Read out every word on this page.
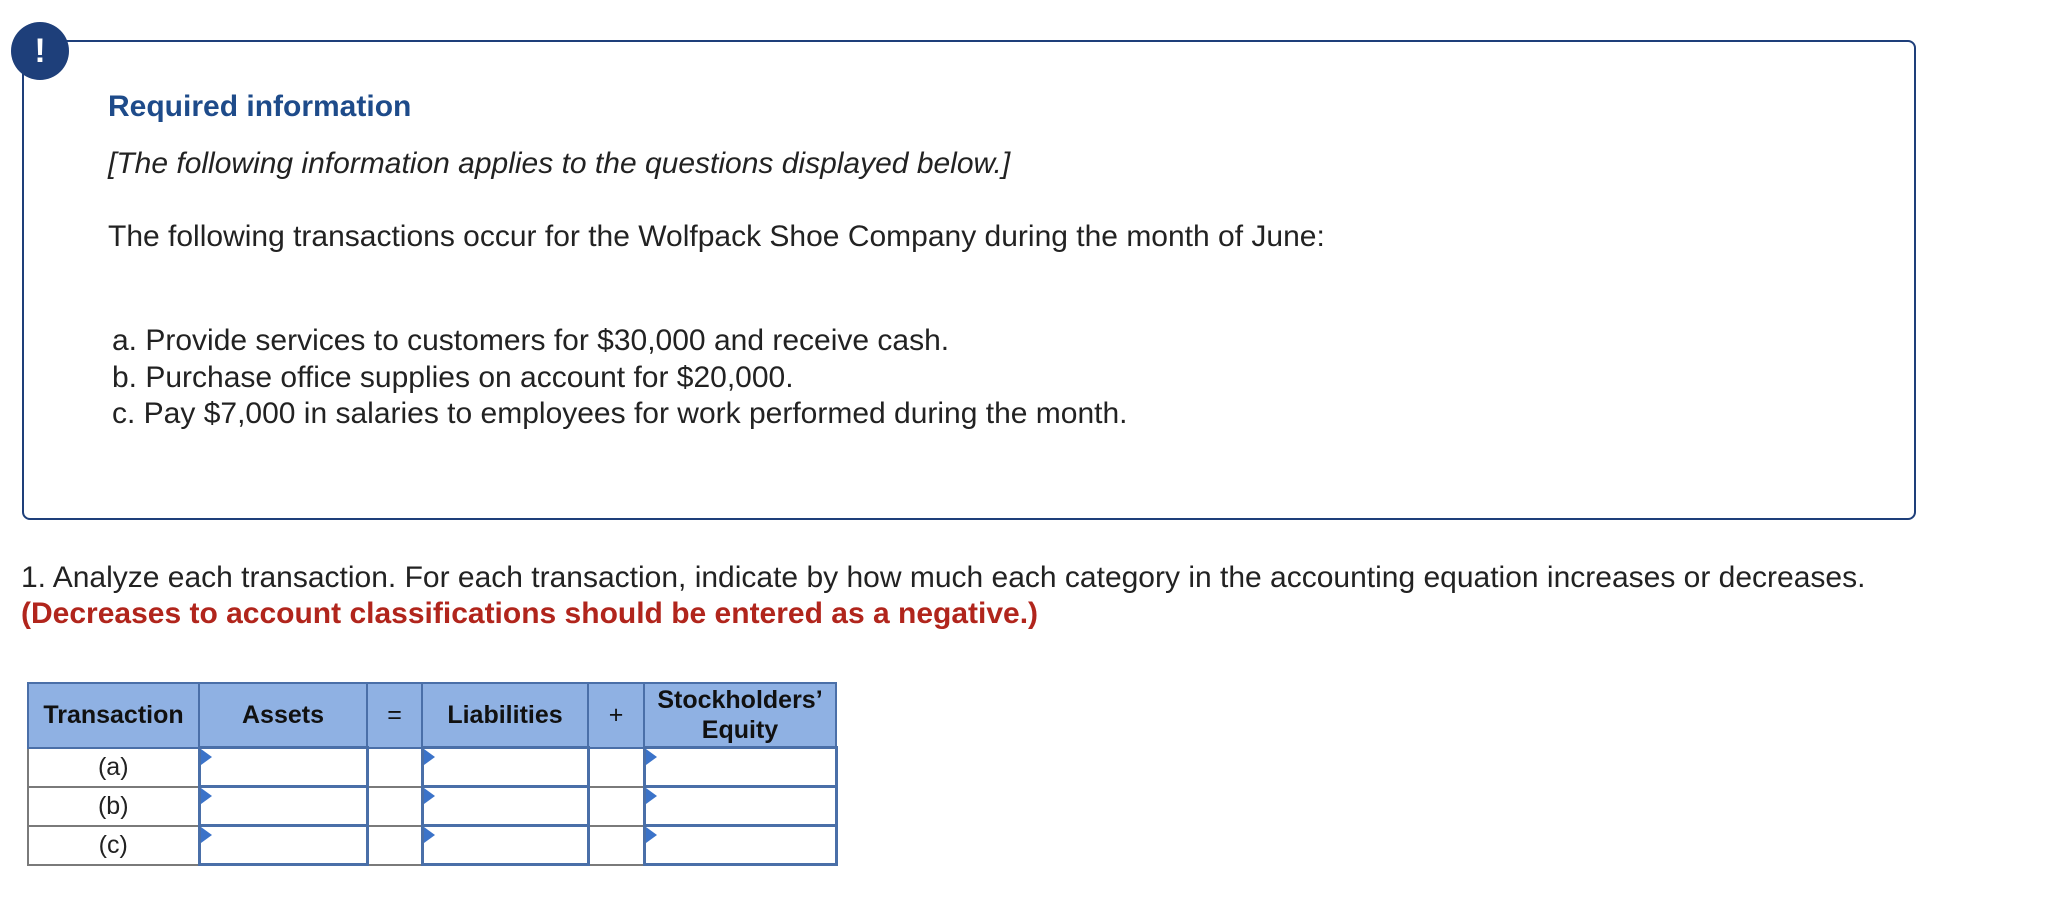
!
Required information
[The following information applies to the questions displayed below.]
The following transactions occur for the Wolfpack Shoe Company during the month of June:
a. Provide services to customers for $30,000 and receive cash.
b. Purchase office supplies on account for $20,000.
c. Pay $7,000 in salaries to employees for work performed during the month.
1. Analyze each transaction. For each transaction, indicate by how much each category in the accounting equation increases or decreases. (Decreases to account classifications should be entered as a negative.)
Transaction	Assets	=	Liabilities	+	Stockholders’
Equity

(a)	

(b)	

(c)	
